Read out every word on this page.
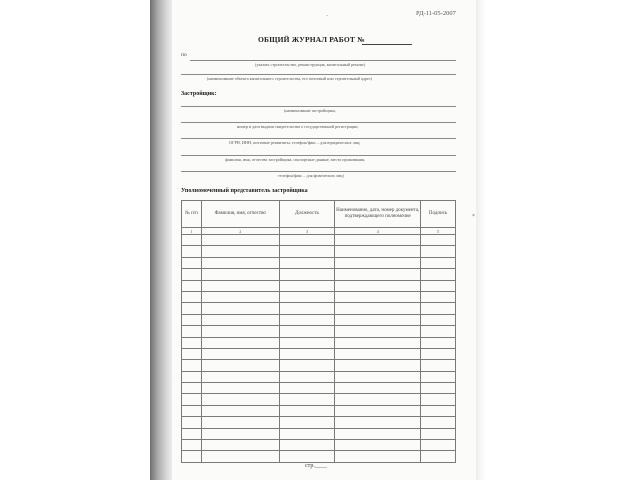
-	РД-11-05-2007
ОБЩИЙ ЖУРНАЛ РАБОТ №
по
(указать строительство, реконструкция, капитальный ремонт)
(наименование объекта капитального строительства, его почтовый или строительный адрес)
Застройщик:
(наименование застройщика,
номер и дата выдачи свидетельства о государственной регистрации,
ОГРН, ИНН, почтовые реквизиты, телефон/факс – для юридических лиц;
фамилия, имя, отчество застройщика, паспортные данные, место проживания,
телефон/факс – для физических лиц)
Уполномоченный представитель застройщика
№ п/п	Фамилия, имя, отчество	Должность	Наименование, дата, номер документа, подтверждающего полномочие	Подпись
1	2	3	4	5

*
стр.____
